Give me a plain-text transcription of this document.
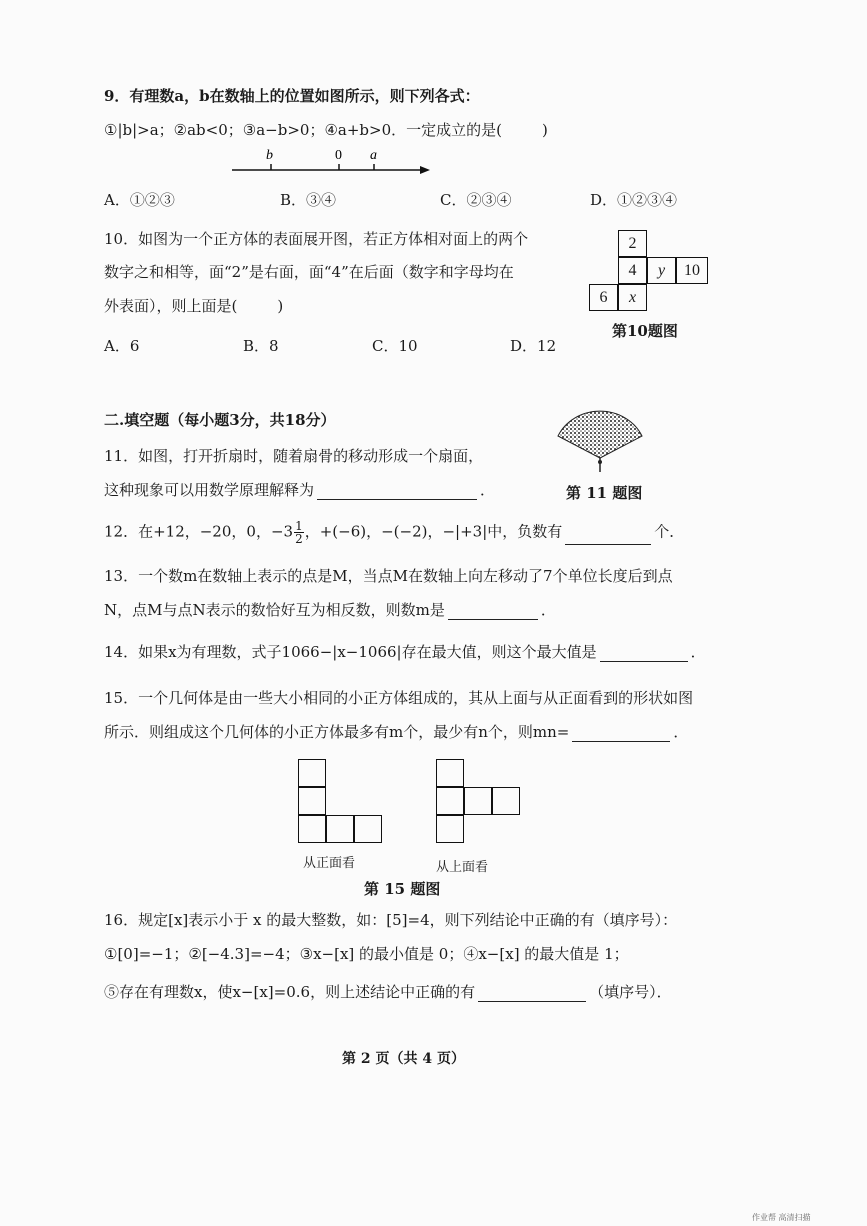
9．有理数a，b在数轴上的位置如图所示，则下列各式：
①|b|>a；②ab<0；③a−b>0；④a+b>0．一定成立的是(	)
b	0 a
A．①②③	B．③④	C．②③④	D．①②③④
10．如图为一个正方体的表面展开图，若正方体相对面上的两个
数字之和相等，面“2”是右面，面“4”在后面（数字和字母均在
外表面），则上面是(	)
2
4	y	10
6	x
第10题图
A．6	B．8	C．10	D．12
二.填空题（每小题3分，共18分）
11．如图，打开折扇时，随着扇骨的移动形成一个扇面，
这种现象可以用数学原理解释为	．	第 11 题图
12．在+12，−20，0，$-3 \frac{1}{2}$ ，+(−6)，−(−2)，−|+3|中，负数有	个．
13．一个数m在数轴上表示的点是M，当点M在数轴上向左移动了7个单位长度后到点
N，点M与点N表示的数恰好互为相反数，则数m是	．
14．如果x为有理数，式子1066−|x−1066|存在最大值，则这个最大值是	．
15．一个几何体是由一些大小相同的小正方体组成的，其从上面与从正面看到的形状如图
所示．则组成这个几何体的小正方体最多有m个，最少有n个，则mn=	．
从正面看	从上面看
第 15 题图
16．规定[x]表示小于 x 的最大整数，如：[5]=4，则下列结论中正确的有（填序号）：
①[0]=−1；②[−4.3]=−4；③x−[x] 的最小值是 0；④x−[x] 的最大值是 1；
⑤存在有理数x，使x−[x]=0.6，则上述结论中正确的有	（填序号）．
第 2 页（共 4 页）
作业帮 高清扫描
